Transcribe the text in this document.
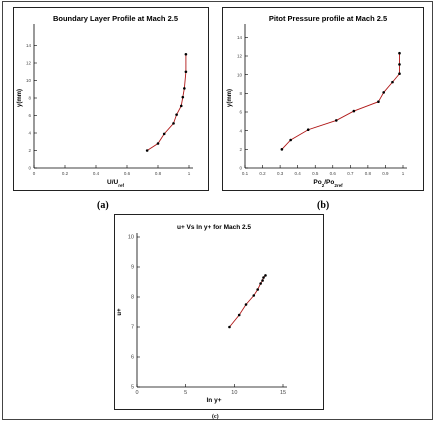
Boundary Layer Profile at Mach 2.5
0	0.2	0.4	0.6	0.8	1
0
2
4
6
8
10
12
14
$U/U_{ref}$
y(mm)
(a)
Pitot Pressure profile at Mach 2.5
0.1	0.2	0.3	0.4	0.5	0.6	0.7	0.8	0.9	1
0
2
4
6
8
10
12
14
$Po_2/Po_{2ref}$
y(mm)
(b)
u+ Vs ln y+ for Mach 2.5
0	5	10	15
5
6
7
8
9
10
ln y+
u+
(c)
